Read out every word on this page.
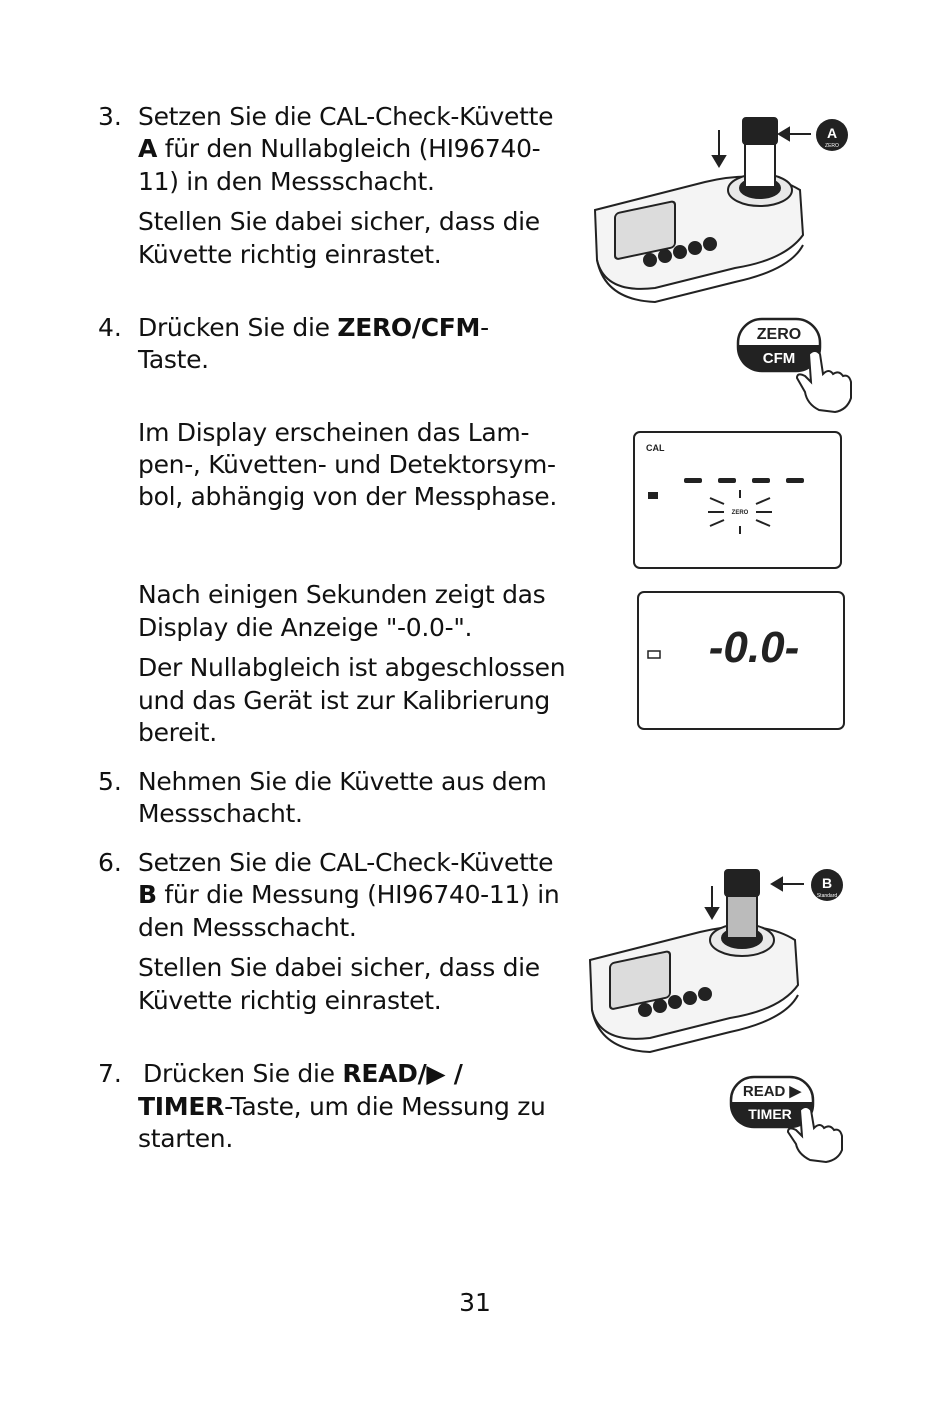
3. Setzen Sie die CAL-Check-Küvette
A für den Nullabgleich (HI96740-
11) in den Messschacht.
Stellen Sie dabei sicher, dass die
Küvette richtig einrastet.
4. Drücken Sie die ZERO/CFM-
Taste.
Im Display erscheinen das Lam-
pen-, Küvetten- und Detektorsym-
bol, abhängig von der Messphase.
Nach einigen Sekunden zeigt das
Display die Anzeige "-0.0-".
Der Nullabgleich ist abgeschlossen
und das Gerät ist zur Kalibrierung
bereit.
5. Nehmen Sie die Küvette aus dem
Messschacht.
6. Setzen Sie die CAL-Check-Küvette
B für die Messung (HI96740-11) in
den Messschacht.
Stellen Sie dabei sicher, dass die
Küvette richtig einrastet.
7. Drücken Sie die READ/▶ /
TIMER-Taste, um die Messung zu
starten.
A
ZERO
ZERO
CFM
CAL
ZERO
-0.0-
B
Standard
READ ▶
TIMER
31
